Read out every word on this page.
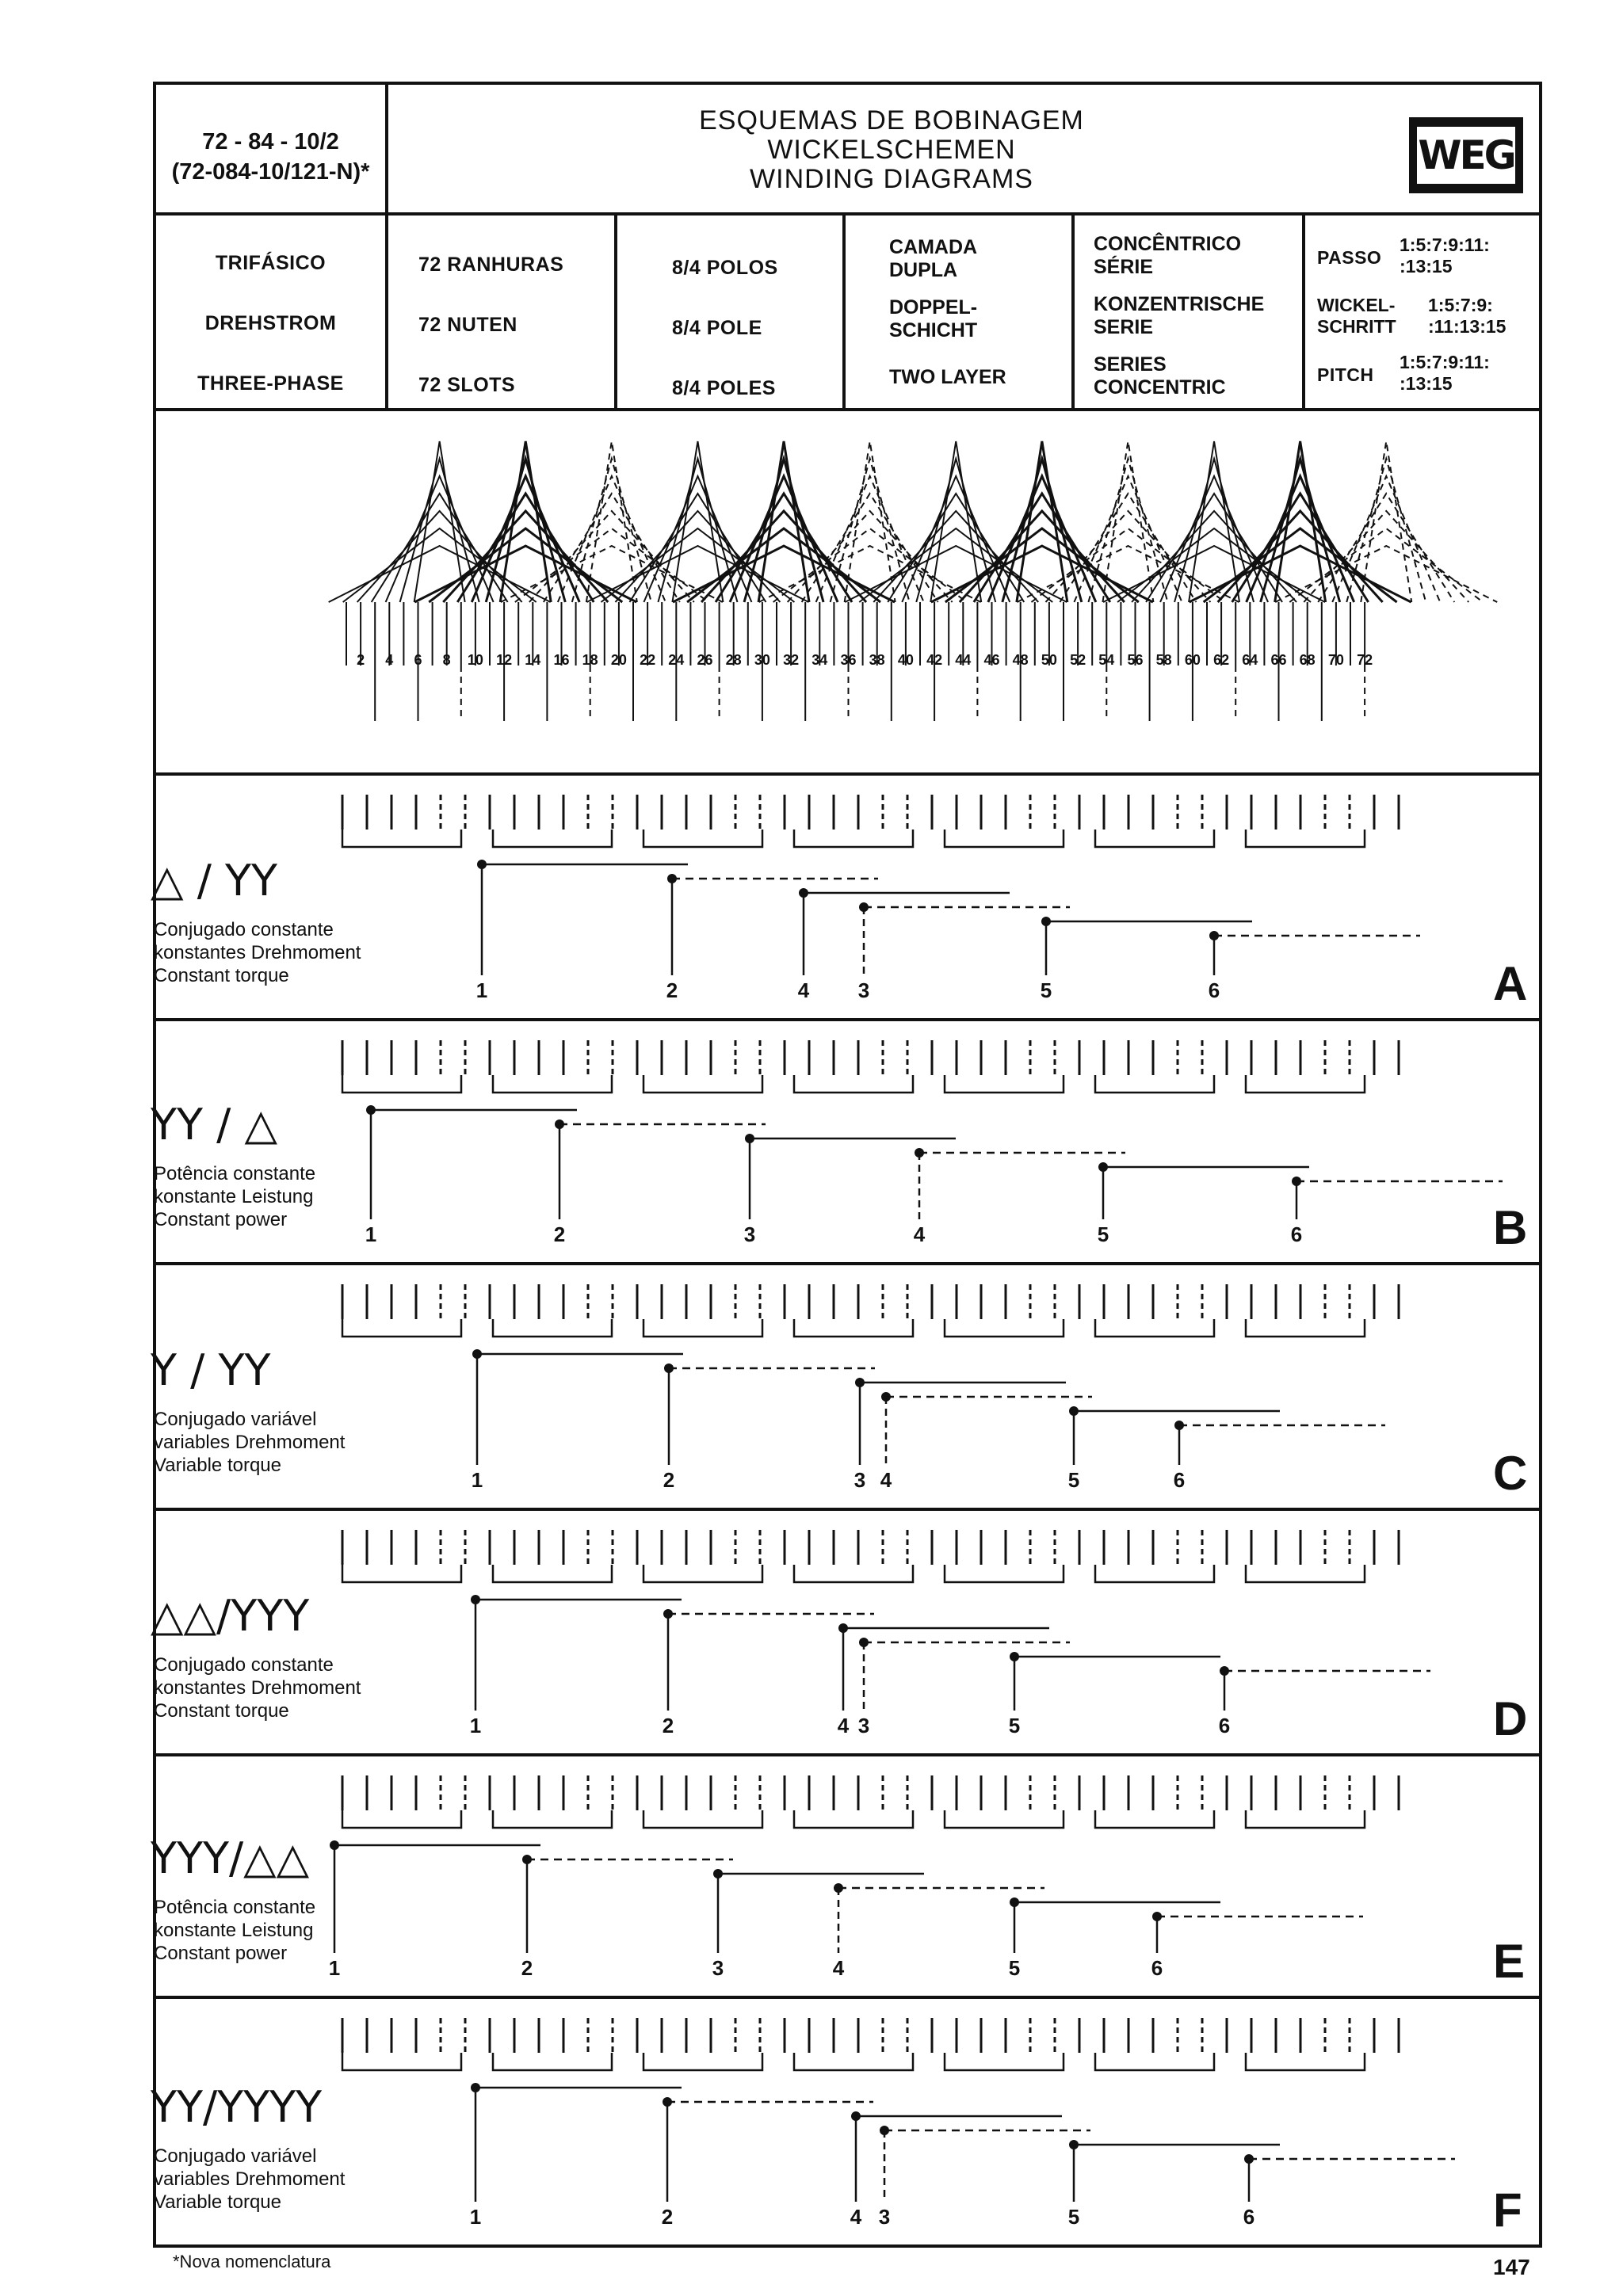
72 - 84 - 10/2
(72-084-10/121-N)*
ESQUEMAS DE BOBINAGEM
WICKELSCHEMEN
WINDING DIAGRAMS
WEG
TRIFÁSICO
DREHSTROM
THREE-PHASE
72 RANHURAS
72 NUTEN
72 SLOTS
8/4 POLOS
8/4 POLE
8/4 POLES
CAMADA DUPLA
DOPPEL-SCHICHT
TWO LAYER
CONCÊNTRICO SÉRIE
KONZENTRISCHE SERIE
SERIES CONCENTRIC
PASSO
1:5:7:9:11: :13:15
WICKEL-SCHRITT
1:5:7:9: :11:13:15
PITCH
1:5:7:9:11: :13:15
2	4	6	8	10 12 14 16 18 20 22 24 26 28 30 32 34 36 38 40 42 44 46 48 50 52 54 56 58 60 62 64 66 68 70 72
△ / ΥΥ
Conjugado constante
konstantes Drehmoment
Constant torque	A
1	2	4	3	5	6
ΥΥ / △
Potência constante
konstante Leistung
Constant power	B
1	2	3	4	5	6
Υ / ΥΥ
Conjugado variável
variables Drehmoment
Variable torque	C
1	2	3 4	5	6
△△/ΥΥΥ
Conjugado constante
konstantes Drehmoment
Constant torque	D
1	2	4 3	5	6
ΥΥΥ/△△
Potência constante
konstante Leistung
Constant power	E
1	2	3	4	5	6
ΥΥ/ΥΥΥΥ
Conjugado variável
variables Drehmoment
Variable torque	F
1	2	4 3	5	6
*Nova nomenclatura	147
